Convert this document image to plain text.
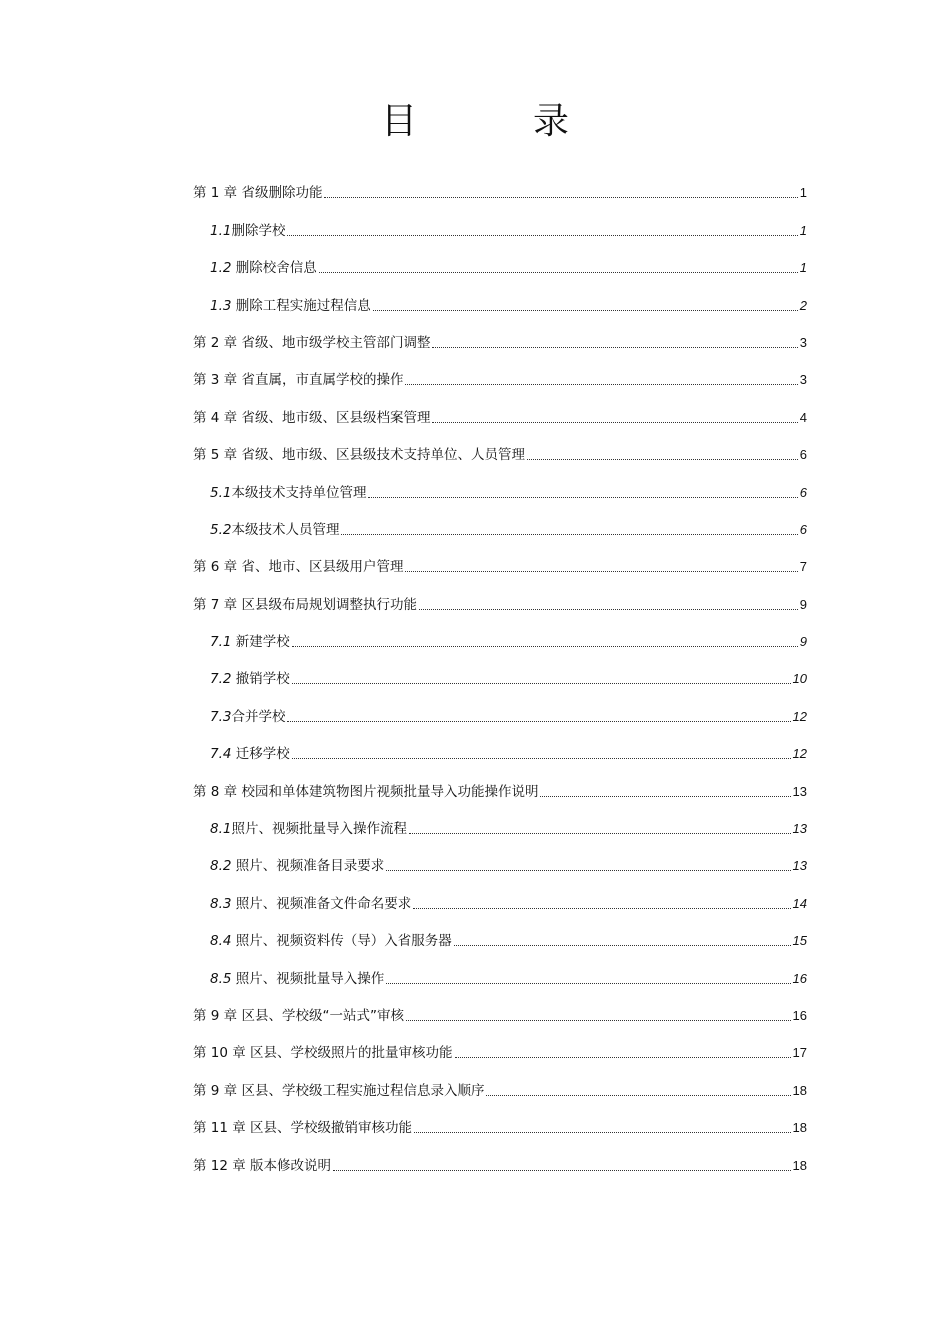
目　录
第 1 章 省级删除功能	1
1.1删除学校	1
1.2 删除校舍信息	1
1.3 删除工程实施过程信息	2
第 2 章 省级、地市级学校主管部门调整	3
第 3 章 省直属，市直属学校的操作	3
第 4 章 省级、地市级、区县级档案管理	4
第 5 章 省级、地市级、区县级技术支持单位、人员管理	6
5.1本级技术支持单位管理	6
5.2本级技术人员管理	6
第 6 章 省、地市、区县级用户管理	7
第 7 章 区县级布局规划调整执行功能	9
7.1 新建学校	9
7.2 撤销学校	10
7.3合并学校	12
7.4 迁移学校	12
第 8 章 校园和单体建筑物图片视频批量导入功能操作说明	13
8.1照片、视频批量导入操作流程	13
8.2 照片、视频准备目录要求	13
8.3 照片、视频准备文件命名要求	14
8.4 照片、视频资料传（导）入省服务器	15
8.5 照片、视频批量导入操作	16
第 9 章 区县、学校级“一站式”审核	16
第 10 章 区县、学校级照片的批量审核功能	17
第 9 章 区县、学校级工程实施过程信息录入顺序	18
第 11 章 区县、学校级撤销审核功能	18
第 12 章 版本修改说明	18
